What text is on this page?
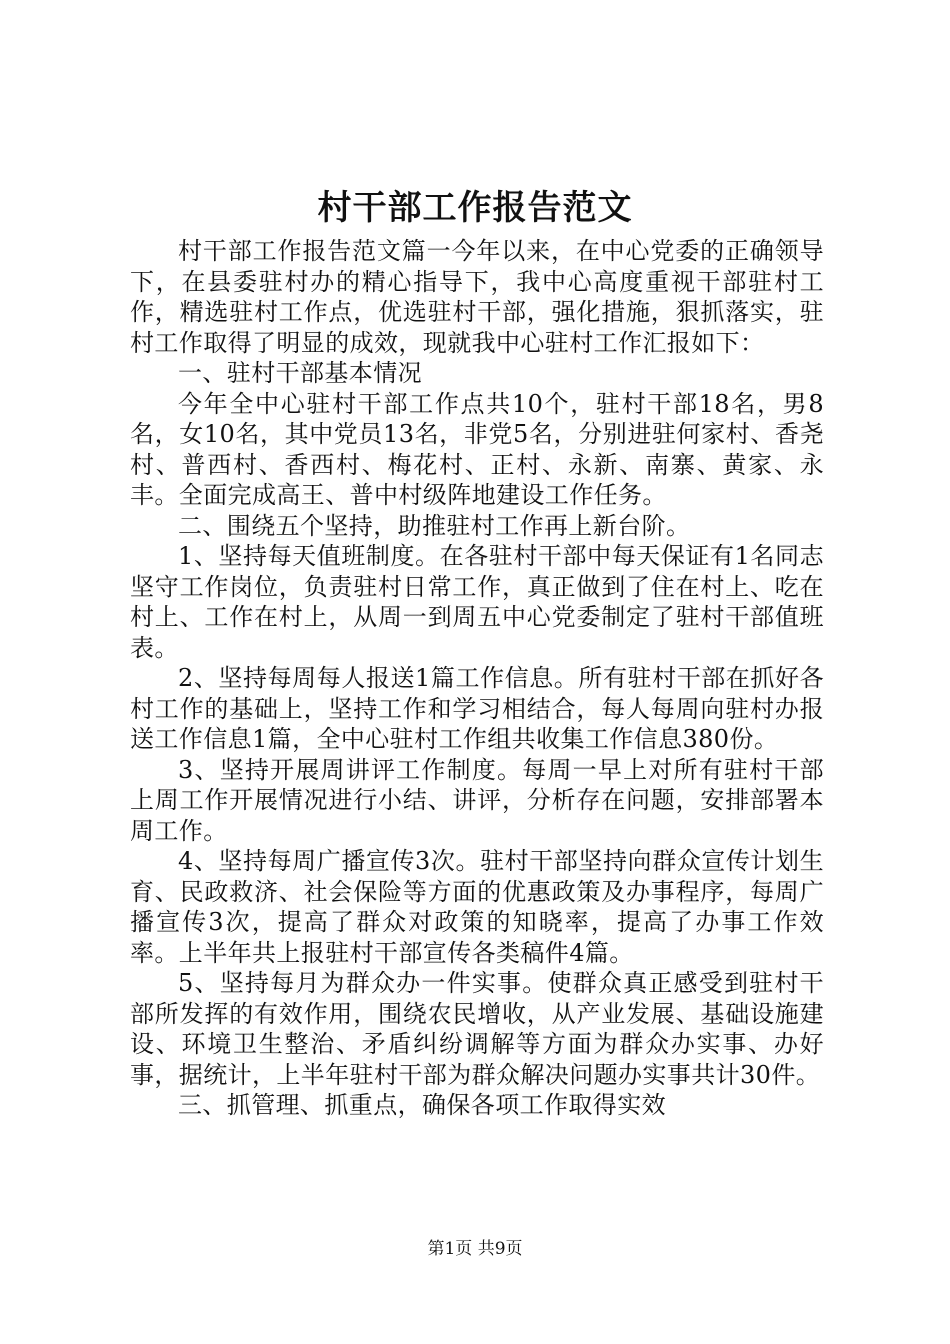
村干部工作报告范文

村干部工作报告范文篇一今年以来，在中心党委的正确领导下，在县委驻村办的精心指导下，我中心高度重视干部驻村工作，精选驻村工作点，优选驻村干部，强化措施，狠抓落实，驻村工作取得了明显的成效，现就我中心驻村工作汇报如下：

一、驻村干部基本情况

今年全中心驻村干部工作点共10个，驻村干部18名，男8名，女10名，其中党员13名，非党5名，分别进驻何家村、香尧村、普西村、香西村、梅花村、正村、永新、南寨、黄家、永丰。全面完成高王、普中村级阵地建设工作任务。

二、围绕五个坚持，助推驻村工作再上新台阶。

1、坚持每天值班制度。在各驻村干部中每天保证有1名同志坚守工作岗位，负责驻村日常工作，真正做到了住在村上、吃在村上、工作在村上，从周一到周五中心党委制定了驻村干部值班表。

2、坚持每周每人报送1篇工作信息。所有驻村干部在抓好各村工作的基础上，坚持工作和学习相结合，每人每周向驻村办报送工作信息1篇，全中心驻村工作组共收集工作信息380份。

3、坚持开展周讲评工作制度。每周一早上对所有驻村干部上周工作开展情况进行小结、讲评，分析存在问题，安排部署本周工作。

4、坚持每周广播宣传3次。驻村干部坚持向群众宣传计划生育、民政救济、社会保险等方面的优惠政策及办事程序，每周广播宣传3次，提高了群众对政策的知晓率，提高了办事工作效率。上半年共上报驻村干部宣传各类稿件4篇。

5、坚持每月为群众办一件实事。使群众真正感受到驻村干部所发挥的有效作用，围绕农民增收，从产业发展、基础设施建设、环境卫生整治、矛盾纠纷调解等方面为群众办实事、办好事，据统计，上半年驻村干部为群众解决问题办实事共计30件。

三、抓管理、抓重点，确保各项工作取得实效

第1页 共9页
